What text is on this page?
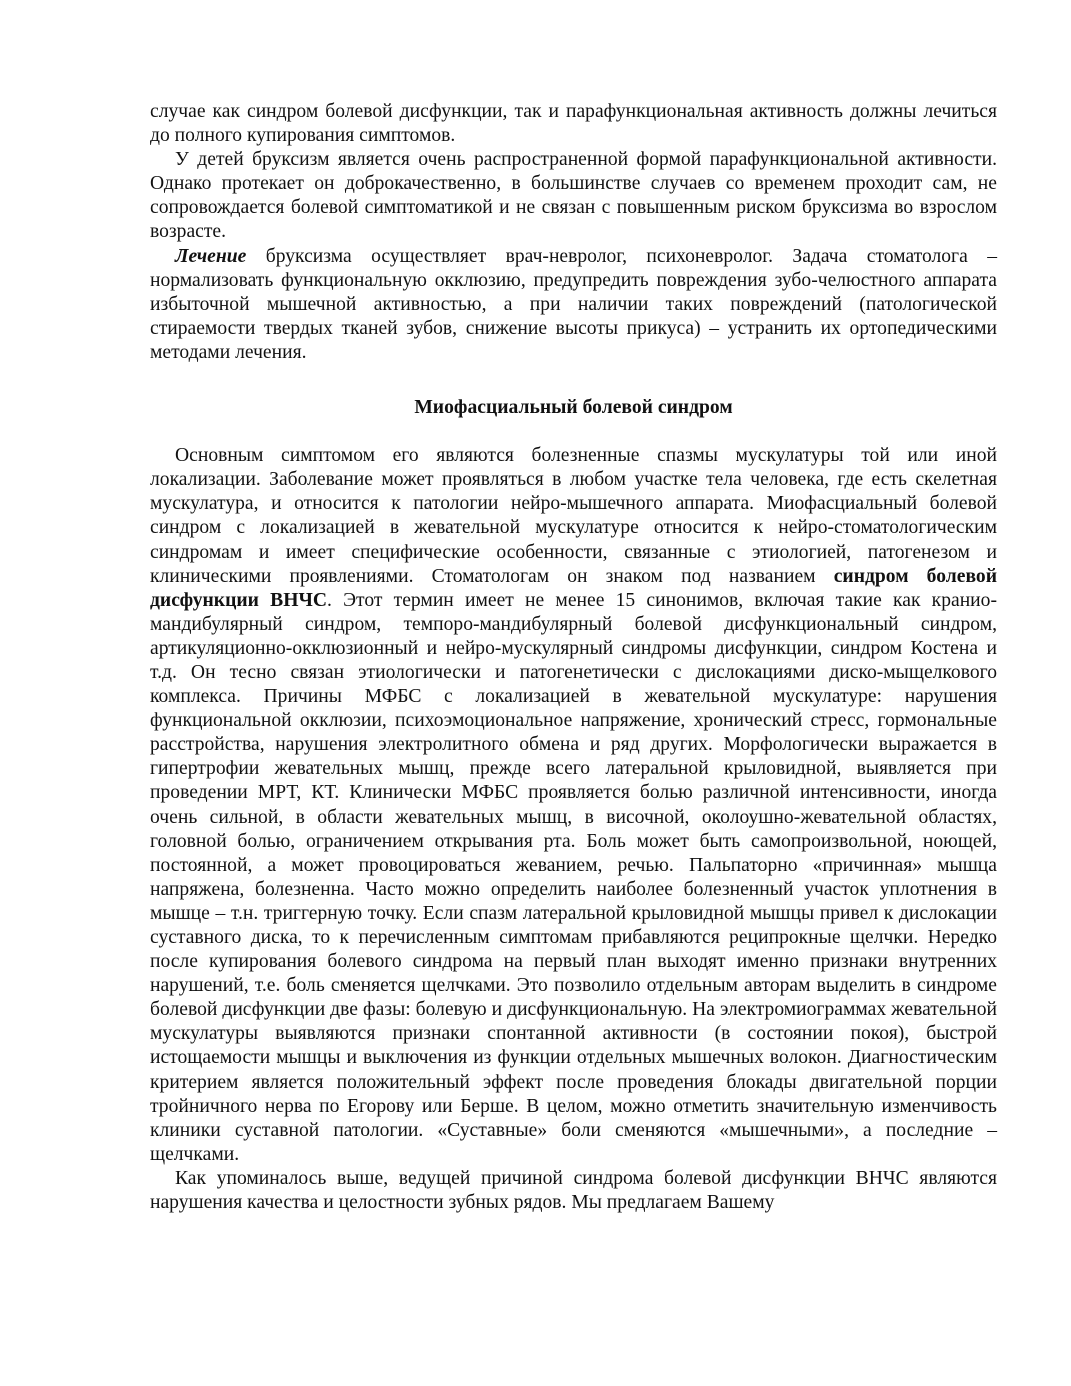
случае как синдром болевой дисфункции, так и парафункциональная активность должны лечиться до полного купирования симптомов.

У детей бруксизм является очень распространенной формой парафункциональной активности. Однако протекает он доброкачественно, в большинстве случаев со временем проходит сам, не сопровождается болевой симптоматикой и не связан с повышенным риском бруксизма во взрослом возрасте.

Лечение бруксизма осуществляет врач-невролог, психоневролог. Задача стоматолога – нормализовать функциональную окклюзию, предупредить повреждения зубо-челюстного аппарата избыточной мышечной активностью, а при наличии таких повреждений (патологической стираемости твердых тканей зубов, снижение высоты прикуса) – устранить их ортопедическими методами лечения.

Миофасциальный болевой синдром

Основным симптомом его являются болезненные спазмы мускулатуры той или иной локализации. Заболевание может проявляться в любом участке тела человека, где есть скелетная мускулатура, и относится к патологии нейро-мышечного аппарата. Миофасциальный болевой синдром с локализацией в жевательной мускулатуре относится к нейро-стоматологическим синдромам и имеет специфические особенности, связанные с этиологией, патогенезом и клиническими проявлениями. Стоматологам он знаком под названием синдром болевой дисфункции ВНЧС. Этот термин имеет не менее 15 синонимов, включая такие как кранио-мандибулярный синдром, темпоро-мандибулярный болевой дисфункциональный синдром, артикуляционно-окклюзионный и нейро-мускулярный синдромы дисфункции, синдром Костена и т.д. Он тесно связан этиологически и патогенетически с дислокациями диско-мыщелкового комплекса. Причины МФБС с локализацией в жевательной мускулатуре: нарушения функциональной окклюзии, психоэмоциональное напряжение, хронический стресс, гормональные расстройства, нарушения электролитного обмена и ряд других. Морфологически выражается в гипертрофии жевательных мышц, прежде всего латеральной крыловидной, выявляется при проведении МРТ, КТ. Клинически МФБС проявляется болью различной интенсивности, иногда очень сильной, в области жевательных мышц, в височной, околоушно-жевательной областях, головной болью, ограничением открывания рта. Боль может быть самопроизвольной, ноющей, постоянной, а может провоцироваться жеванием, речью. Пальпаторно «причинная» мышца напряжена, болезненна. Часто можно определить наиболее болезненный участок уплотнения в мышце – т.н. триггерную точку. Если спазм латеральной крыловидной мышцы привел к дислокации суставного диска, то к перечисленным симптомам прибавляются реципрокные щелчки. Нередко после купирования болевого синдрома на первый план выходят именно признаки внутренних нарушений, т.е. боль сменяется щелчками. Это позволило отдельным авторам выделить в синдроме болевой дисфункции две фазы: болевую и дисфункциональную. На электромиограммах жевательной мускулатуры выявляются признаки спонтанной активности (в состоянии покоя), быстрой истощаемости мышцы и выключения из функции отдельных мышечных волокон. Диагностическим критерием является положительный эффект после проведения блокады двигательной порции тройничного нерва по Егорову или Берше. В целом, можно отметить значительную изменчивость клиники суставной патологии. «Суставные» боли сменяются «мышечными», а последние – щелчками.

Как упоминалось выше, ведущей причиной синдрома болевой дисфункции ВНЧС являются нарушения качества и целостности зубных рядов. Мы предлагаем Вашему
